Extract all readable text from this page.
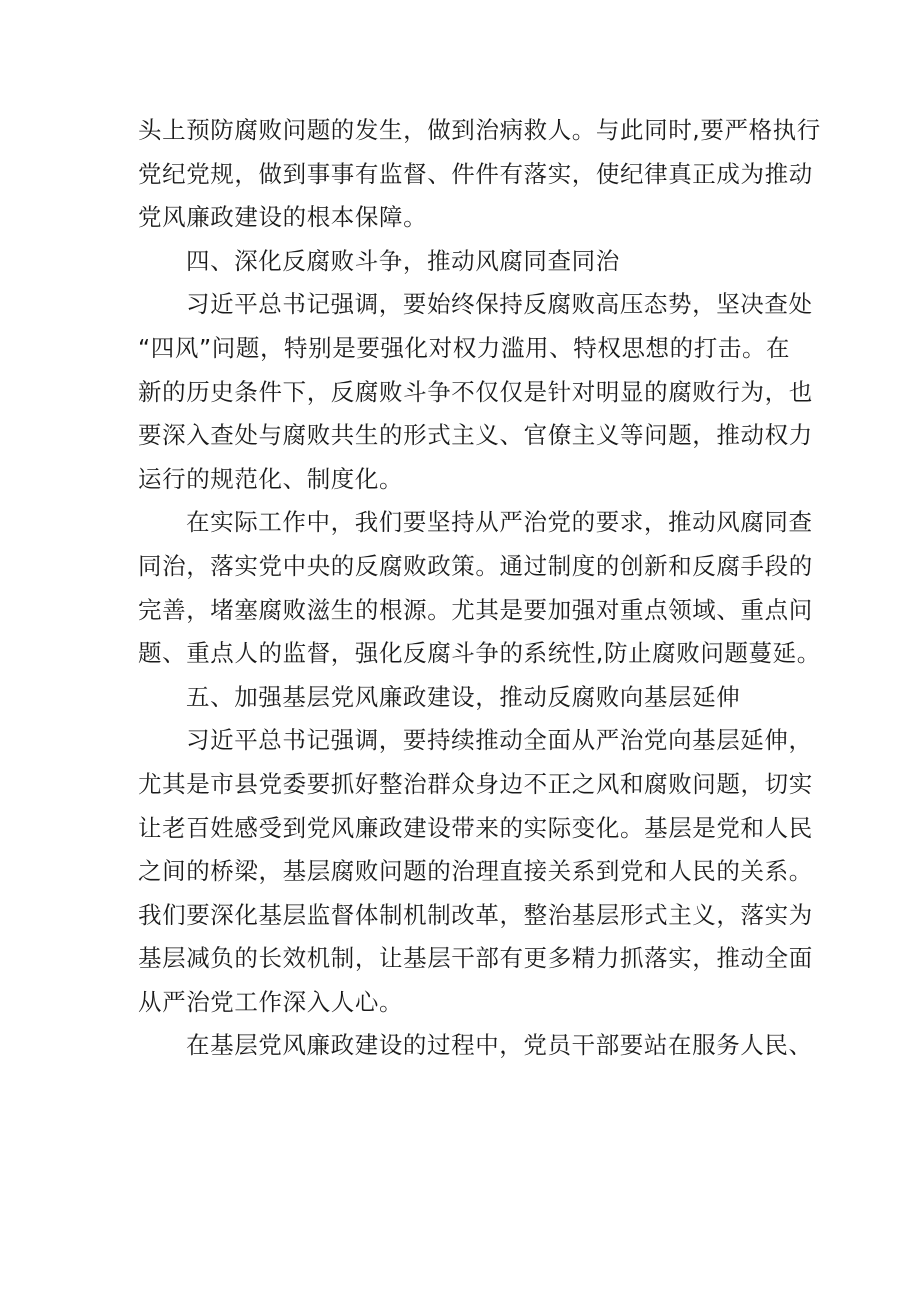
头上预防腐败问题的发生，做到治病救人。与此同时,要严格执行
党纪党规，做到事事有监督、件件有落实，使纪律真正成为推动
党风廉政建设的根本保障。
四、深化反腐败斗争，推动风腐同查同治
习近平总书记强调，要始终保持反腐败高压态势，坚决查处
“四风”问题，特别是要强化对权力滥用、特权思想的打击。在
新的历史条件下，反腐败斗争不仅仅是针对明显的腐败行为，也
要深入查处与腐败共生的形式主义、官僚主义等问题，推动权力
运行的规范化、制度化。
在实际工作中，我们要坚持从严治党的要求，推动风腐同查
同治，落实党中央的反腐败政策。通过制度的创新和反腐手段的
完善，堵塞腐败滋生的根源。尤其是要加强对重点领域、重点问
题、重点人的监督，强化反腐斗争的系统性,防止腐败问题蔓延。
五、加强基层党风廉政建设，推动反腐败向基层延伸
习近平总书记强调，要持续推动全面从严治党向基层延伸，
尤其是市县党委要抓好整治群众身边不正之风和腐败问题，切实
让老百姓感受到党风廉政建设带来的实际变化。基层是党和人民
之间的桥梁，基层腐败问题的治理直接关系到党和人民的关系。
我们要深化基层监督体制机制改革，整治基层形式主义，落实为
基层减负的长效机制，让基层干部有更多精力抓落实，推动全面
从严治党工作深入人心。
在基层党风廉政建设的过程中，党员干部要站在服务人民、
